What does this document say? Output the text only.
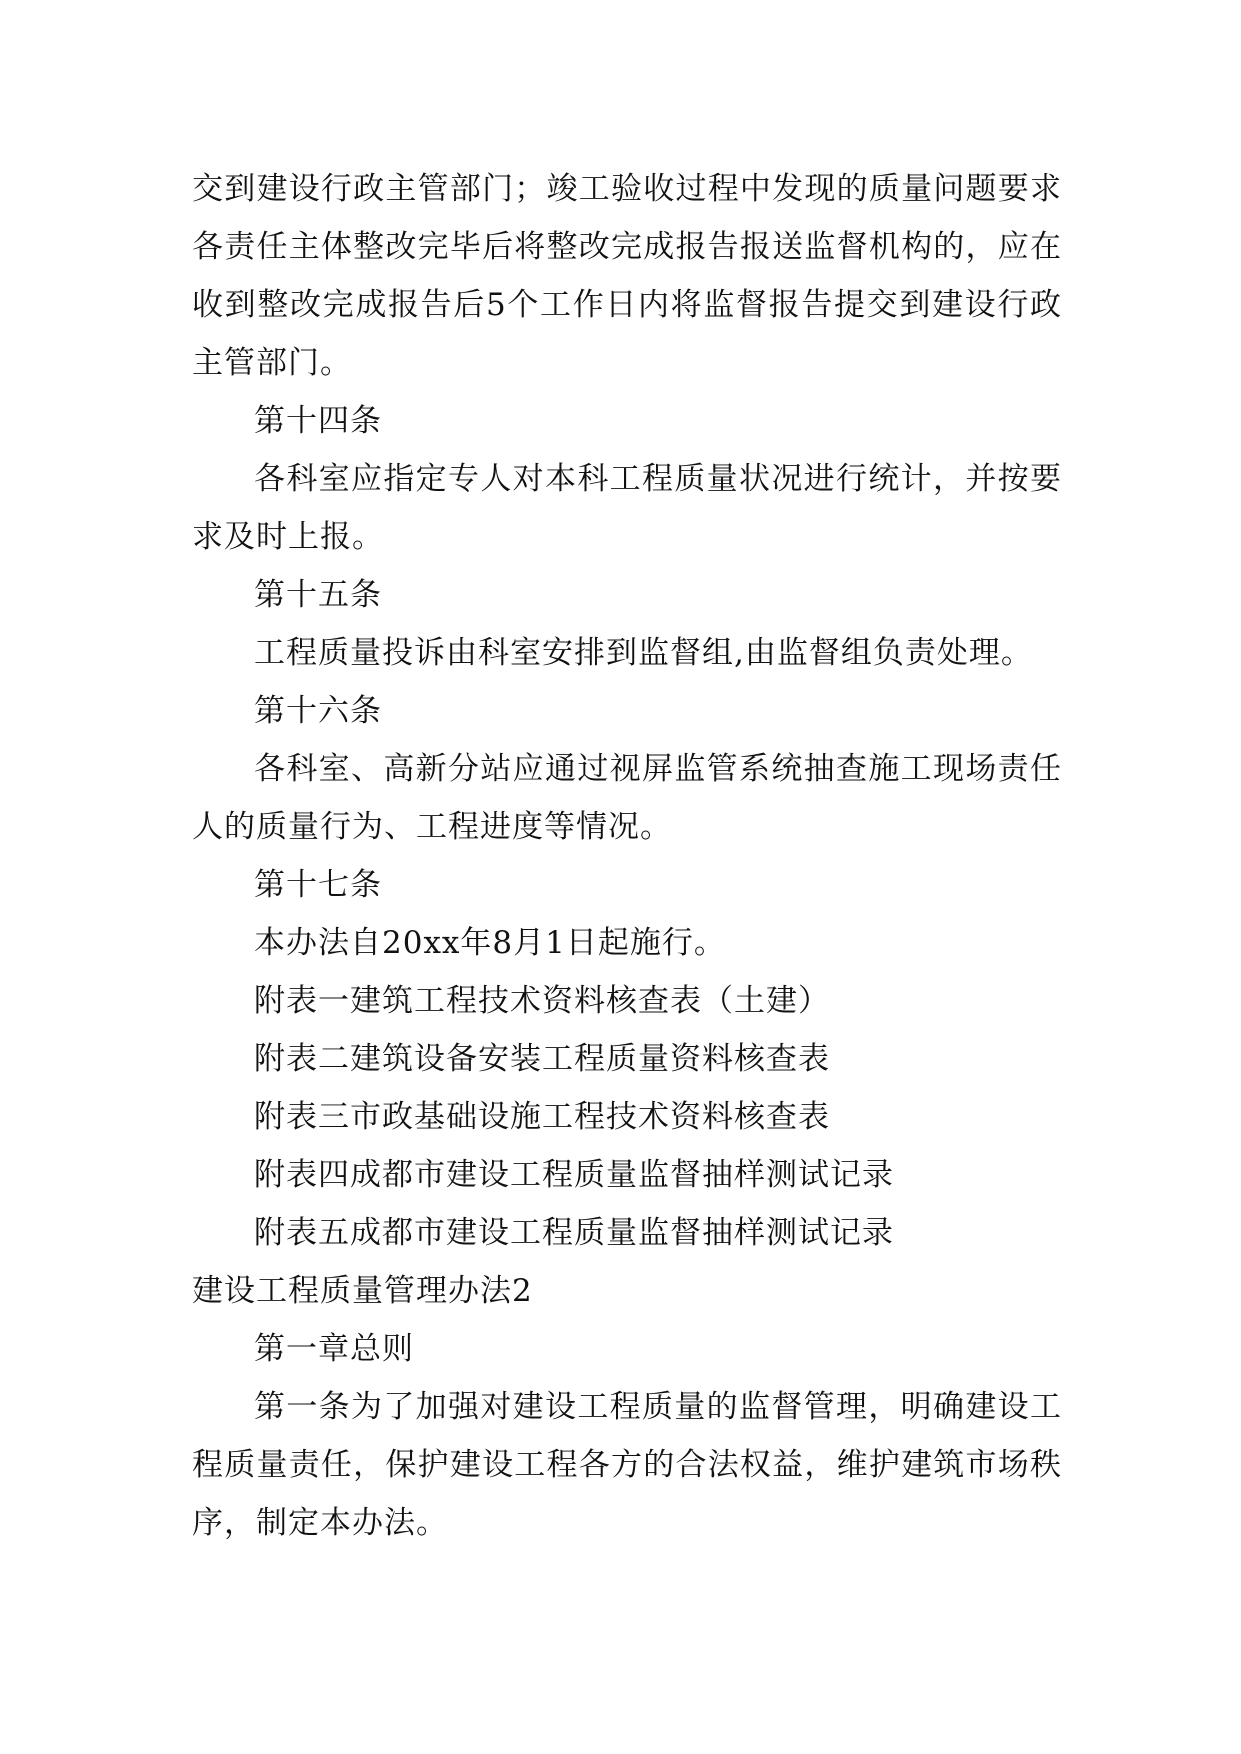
交到建设行政主管部门；竣工验收过程中发现的质量问题要求各责任主体整改完毕后将整改完成报告报送监督机构的，应在收到整改完成报告后5个工作日内将监督报告提交到建设行政主管部门。

第十四条

各科室应指定专人对本科工程质量状况进行统计，并按要求及时上报。

第十五条

工程质量投诉由科室安排到监督组,由监督组负责处理。

第十六条

各科室、高新分站应通过视屏监管系统抽查施工现场责任人的质量行为、工程进度等情况。

第十七条

本办法自20xx年8月1日起施行。

附表一建筑工程技术资料核查表（土建）

附表二建筑设备安装工程质量资料核查表

附表三市政基础设施工程技术资料核查表

附表四成都市建设工程质量监督抽样测试记录

附表五成都市建设工程质量监督抽样测试记录

建设工程质量管理办法2

第一章总则

第一条为了加强对建设工程质量的监督管理，明确建设工程质量责任，保护建设工程各方的合法权益，维护建筑市场秩序，制定本办法。
